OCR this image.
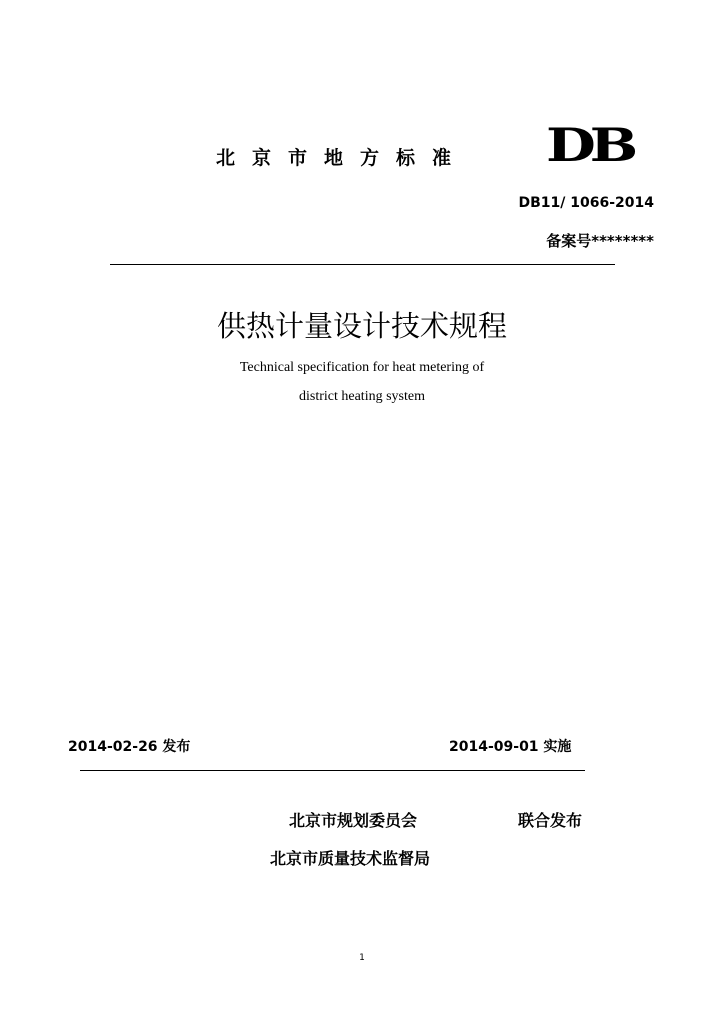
北京市地方标准 DB
DB11/ 1066-2014
备案号********
供热计量设计技术规程
Technical specification for heat metering of
district heating system
2014-02-26 发布	2014-09-01 实施
北京市规划委员会	联合发布
北京市质量技术监督局
1
